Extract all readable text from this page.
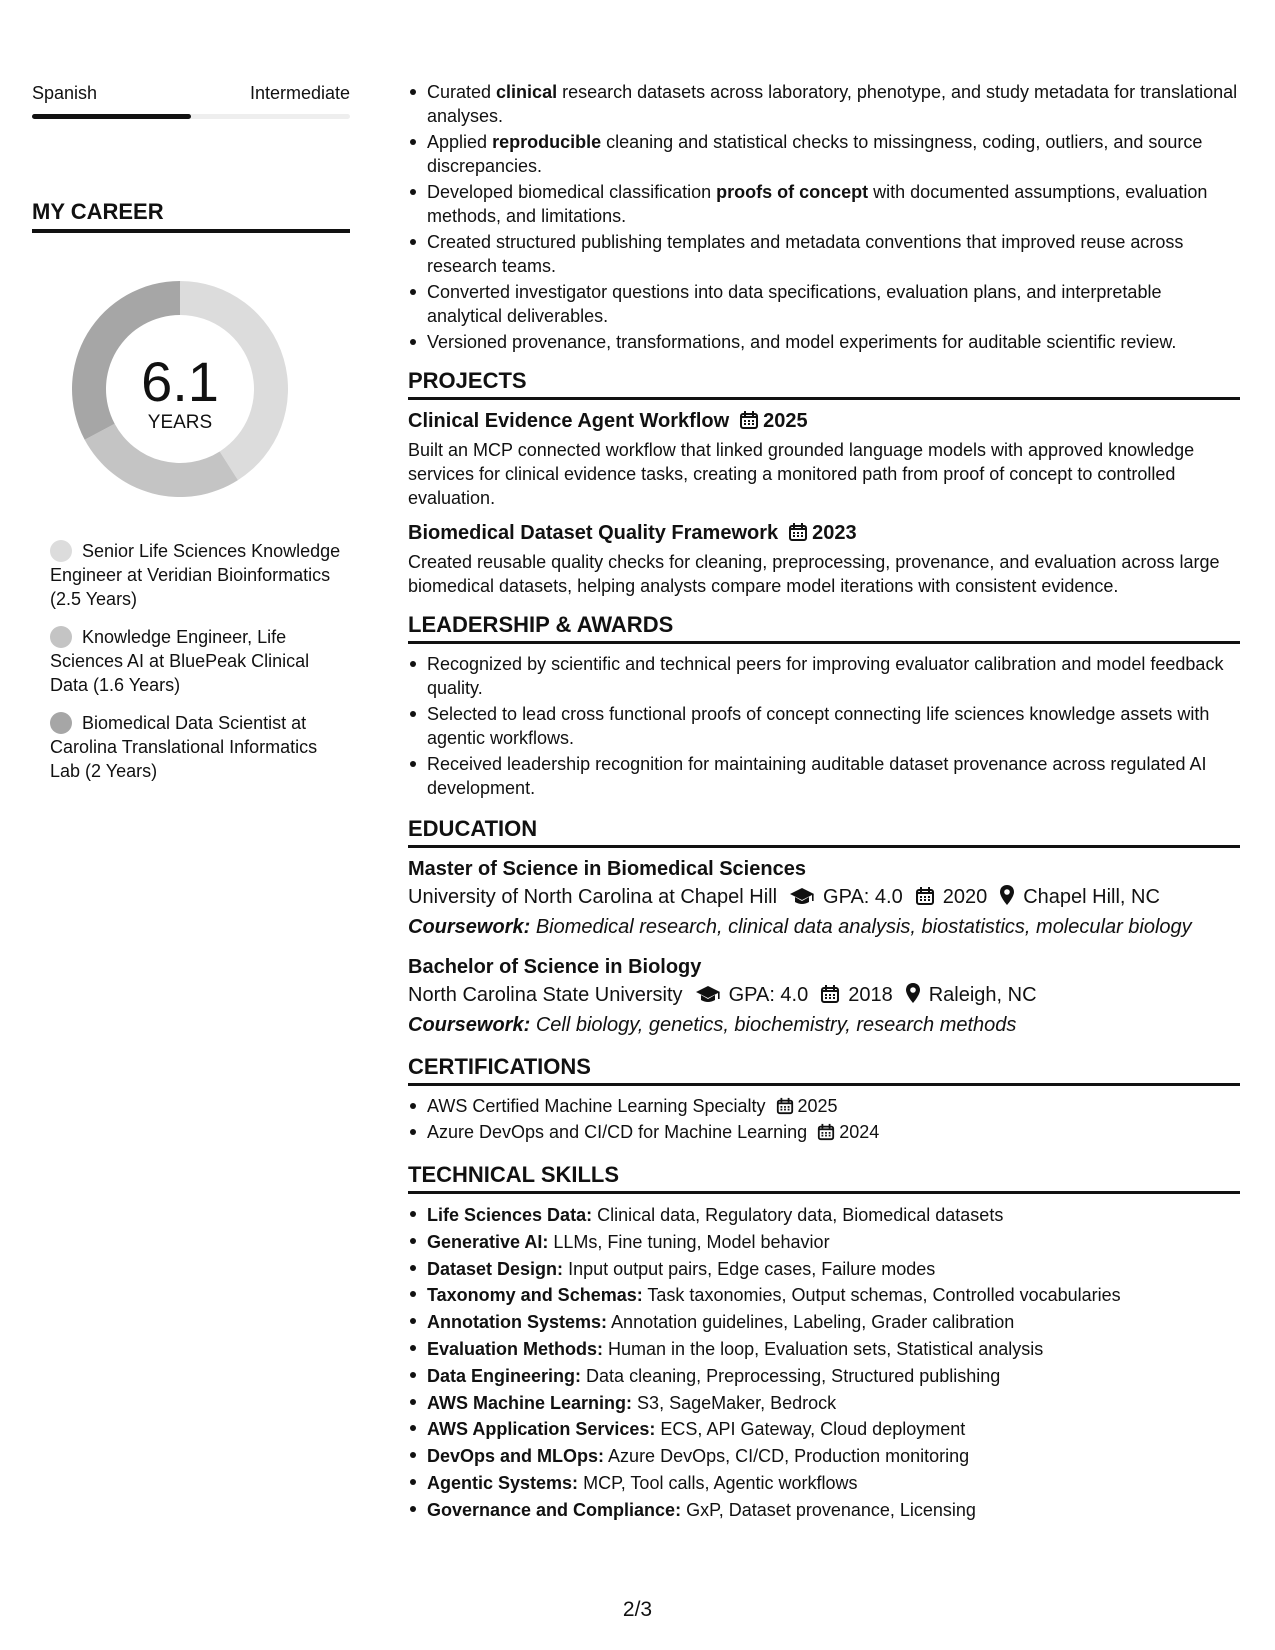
Spanish	Intermediate
MY CAREER
6.1
YEARS
Senior Life Sciences Knowledge Engineer at Veridian Bioinformatics (2.5 Years)
Knowledge Engineer, Life Sciences AI at BluePeak Clinical Data (1.6 Years)
Biomedical Data Scientist at Carolina Translational Informatics Lab (2 Years)
Curated clinical research datasets across laboratory, phenotype, and study metadata for translational analyses.
Applied reproducible cleaning and statistical checks to missingness, coding, outliers, and source discrepancies.
Developed biomedical classification proofs of concept with documented assumptions, evaluation methods, and limitations.
Created structured publishing templates and metadata conventions that improved reuse across research teams.
Converted investigator questions into data specifications, evaluation plans, and interpretable analytical deliverables.
Versioned provenance, transformations, and model experiments for auditable scientific review.
PROJECTS
Clinical Evidence Agent Workflow 2025
Built an MCP connected workflow that linked grounded language models with approved knowledge services for clinical evidence tasks, creating a monitored path from proof of concept to controlled evaluation.
Biomedical Dataset Quality Framework 2023
Created reusable quality checks for cleaning, preprocessing, provenance, and evaluation across large biomedical datasets, helping analysts compare model iterations with consistent evidence.
LEADERSHIP & AWARDS
Recognized by scientific and technical peers for improving evaluator calibration and model feedback quality.
Selected to lead cross functional proofs of concept connecting life sciences knowledge assets with agentic workflows.
Received leadership recognition for maintaining auditable dataset provenance across regulated AI development.
EDUCATION
Master of Science in Biomedical Sciences
University of North Carolina at Chapel Hill GPA: 4.0 2020 Chapel Hill, NC
Coursework: Biomedical research, clinical data analysis, biostatistics, molecular biology
Bachelor of Science in Biology
North Carolina State University GPA: 4.0 2018 Raleigh, NC
Coursework: Cell biology, genetics, biochemistry, research methods
CERTIFICATIONS
AWS Certified Machine Learning Specialty 2025
Azure DevOps and CI/CD for Machine Learning 2024
TECHNICAL SKILLS
Life Sciences Data: Clinical data, Regulatory data, Biomedical datasets
Generative AI: LLMs, Fine tuning, Model behavior
Dataset Design: Input output pairs, Edge cases, Failure modes
Taxonomy and Schemas: Task taxonomies, Output schemas, Controlled vocabularies
Annotation Systems: Annotation guidelines, Labeling, Grader calibration
Evaluation Methods: Human in the loop, Evaluation sets, Statistical analysis
Data Engineering: Data cleaning, Preprocessing, Structured publishing
AWS Machine Learning: S3, SageMaker, Bedrock
AWS Application Services: ECS, API Gateway, Cloud deployment
DevOps and MLOps: Azure DevOps, CI/CD, Production monitoring
Agentic Systems: MCP, Tool calls, Agentic workflows
Governance and Compliance: GxP, Dataset provenance, Licensing
2/3
